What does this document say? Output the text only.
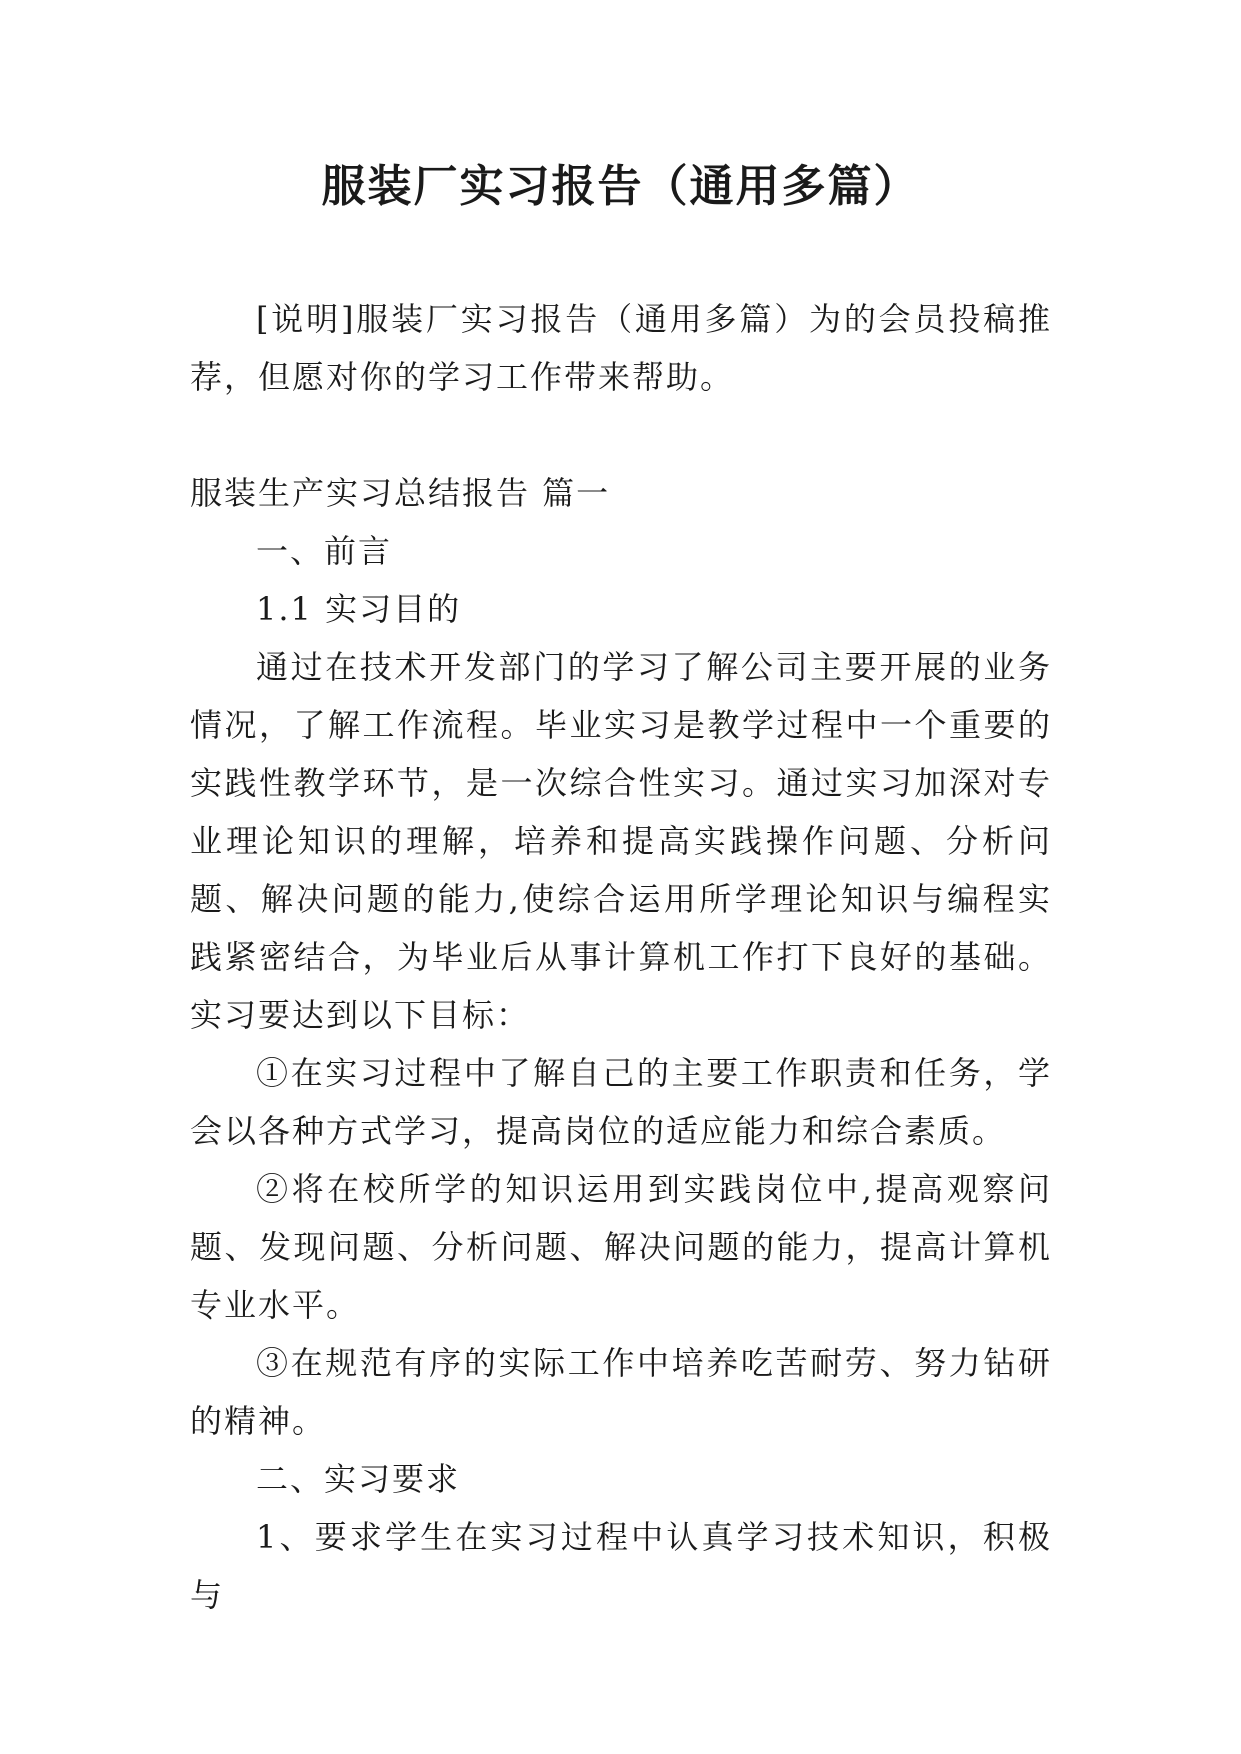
服装厂实习报告（通用多篇）

[说明]服装厂实习报告（通用多篇）为的会员投稿推荐，但愿对你的学习工作带来帮助。

服装生产实习总结报告 篇一

一、前言

1.1 实习目的

通过在技术开发部门的学习了解公司主要开展的业务情况，了解工作流程。毕业实习是教学过程中一个重要的实践性教学环节，是一次综合性实习。通过实习加深对专业理论知识的理解，培养和提高实践操作问题、分析问题、解决问题的能力,使综合运用所学理论知识与编程实践紧密结合，为毕业后从事计算机工作打下良好的基础。实习要达到以下目标：

①在实习过程中了解自己的主要工作职责和任务，学会以各种方式学习，提高岗位的适应能力和综合素质。

②将在校所学的知识运用到实践岗位中,提高观察问题、发现问题、分析问题、解决问题的能力，提高计算机专业水平。

③在规范有序的实际工作中培养吃苦耐劳、努力钻研的精神。

二、实习要求

1、要求学生在实习过程中认真学习技术知识，积极与
